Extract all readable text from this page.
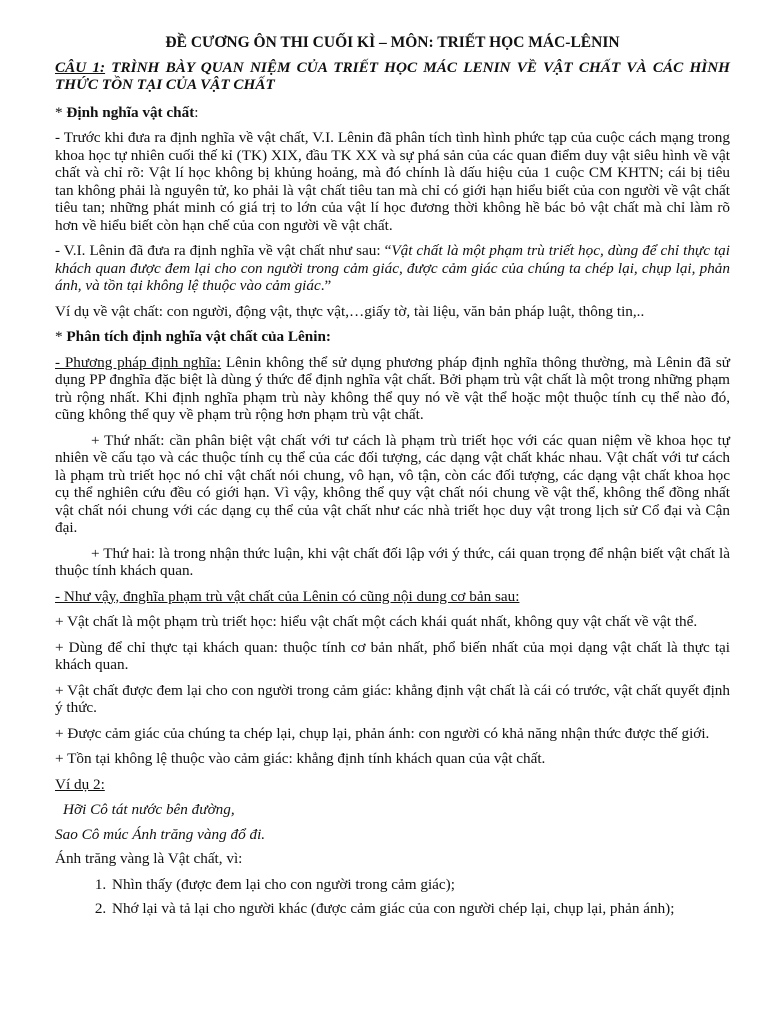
ĐỀ CƯƠNG ÔN THI CUỐI KÌ – MÔN: TRIẾT HỌC MÁC-LÊNIN

CÂU 1: TRÌNH BÀY QUAN NIỆM CỦA TRIẾT HỌC MÁC LENIN VỀ VẬT CHẤT VÀ CÁC HÌNH THỨC TỒN TẠI CỦA VẬT CHẤT

* Định nghĩa vật chất:

- Trước khi đưa ra định nghĩa về vật chất, V.I. Lênin đã phân tích tình hình phức tạp của cuộc cách mạng trong khoa học tự nhiên cuối thế kỉ (TK) XIX, đầu TK XX và sự phá sản của các quan điểm duy vật siêu hình về vật chất và chỉ rõ: Vật lí học không bị khủng hoảng, mà đó chính là dấu hiệu của 1 cuộc CM KHTN; cái bị tiêu tan không phải là nguyên tử, ko phải là vật chất tiêu tan mà chỉ có giới hạn hiểu biết của con người về vật chất tiêu tan; những phát minh có giá trị to lớn của vật lí học đương thời không hề bác bỏ vật chất mà chỉ làm rõ hơn về hiểu biết còn hạn chế của con người về vật chất.

- V.I. Lênin đã đưa ra định nghĩa về vật chất như sau: “Vật chất là một phạm trù triết học, dùng để chỉ thực tại khách quan được đem lại cho con người trong cảm giác, được cảm giác của chúng ta chép lại, chụp lại, phản ánh, và tồn tại không lệ thuộc vào cảm giác.”

Ví dụ về vật chất: con người, động vật, thực vật,…giấy tờ, tài liệu, văn bản pháp luật, thông tin,..

* Phân tích định nghĩa vật chất của Lênin:

- Phương pháp định nghĩa: Lênin không thể sử dụng phương pháp định nghĩa thông thường, mà Lênin đã sử dụng PP đnghĩa đặc biệt là dùng ý thức để định nghĩa vật chất. Bởi phạm trù vật chất là một trong những phạm trù rộng nhất. Khi định nghĩa phạm trù này không thể quy nó về vật thể hoặc một thuộc tính cụ thể nào đó, cũng không thể quy về phạm trù rộng hơn phạm trù vật chất.

+ Thứ nhất: cần phân biệt vật chất với tư cách là phạm trù triết học với các quan niệm về khoa học tự nhiên về cấu tạo và các thuộc tính cụ thể của các đối tượng, các dạng vật chất khác nhau. Vật chất với tư cách là phạm trù triết học nó chỉ vật chất nói chung, vô hạn, vô tận, còn các đối tượng, các dạng vật chất khoa học cụ thể nghiên cứu đều có giới hạn. Vì vậy, không thể quy vật chất nói chung về vật thể, không thể đồng nhất vật chất nói chung với các dạng cụ thể của vật chất như các nhà triết học duy vật trong lịch sử Cổ đại và Cận đại.

+ Thứ hai: là trong nhận thức luận, khi vật chất đối lập với ý thức, cái quan trọng để nhận biết vật chất là thuộc tính khách quan.

- Như vậy, đnghĩa phạm trù vật chất của Lênin có cũng nội dung cơ bản sau:

+ Vật chất là một phạm trù triết học: hiểu vật chất một cách khái quát nhất, không quy vật chất về vật thể.

+ Dùng để chỉ thực tại khách quan: thuộc tính cơ bản nhất, phổ biến nhất của mọi dạng vật chất là thực tại khách quan.

+ Vật chất được đem lại cho con người trong cảm giác: khẳng định vật chất là cái có trước, vật chất quyết định ý thức.

+ Được cảm giác của chúng ta chép lại, chụp lại, phản ánh: con người có khả năng nhận thức được thế giới.

+ Tồn tại không lệ thuộc vào cảm giác: khẳng định tính khách quan của vật chất.

Ví dụ 2:

Hỡi Cô tát nước bên đường,

Sao Cô múc Ánh trăng vàng đổ đi.

Ánh trăng vàng là Vật chất, vì:

1. Nhìn thấy (được đem lại cho con người trong cảm giác);
2. Nhớ lại và tả lại cho người khác (được cảm giác của con người chép lại, chụp lại, phản ánh);
